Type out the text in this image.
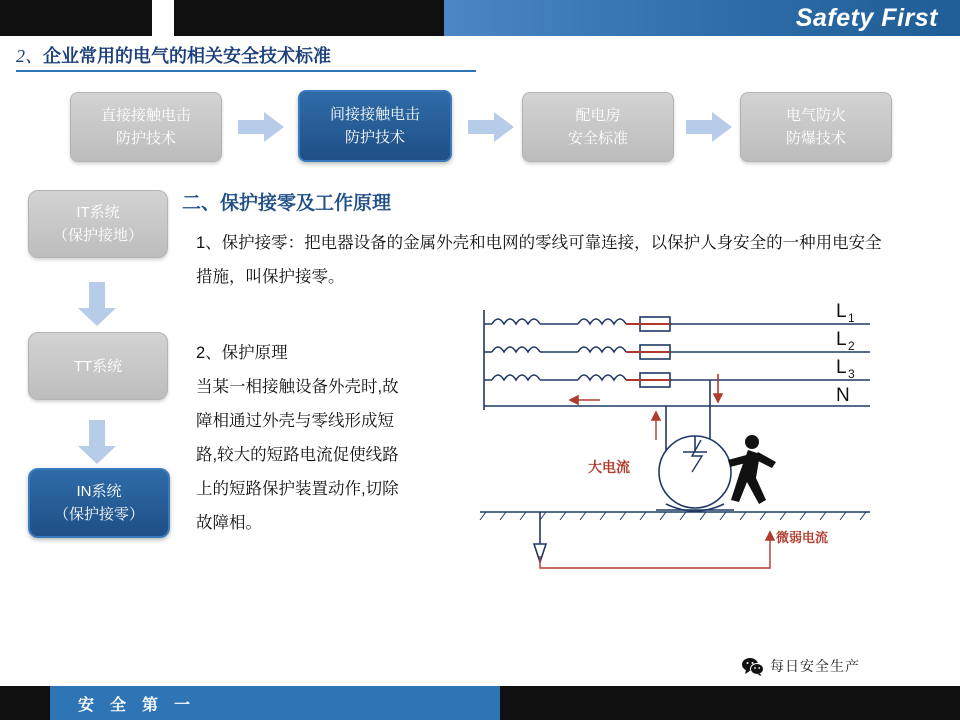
Safety First
2、企业常用的电气的相关安全技术标准
直接接触电击
防护技术
间接接触电击
防护技术
配电房
安全标准
电气防火
防爆技术
IT系统
（保护接地）
TT系统
IN系统
（保护接零）
二、保护接零及工作原理
1、保护接零：把电器设备的金属外壳和电网的零线可靠连接，以保护人身安全的一种用电安全措施，叫保护接零。
2、保护原理
当某一相接触设备外壳时,故
障相通过外壳与零线形成短
路,较大的短路电流促使线路
上的短路保护装置动作,切除
故障相。
L 1
L 2
L 3
N
大电流
微弱电流
每日安全生产
安 全 第 一
